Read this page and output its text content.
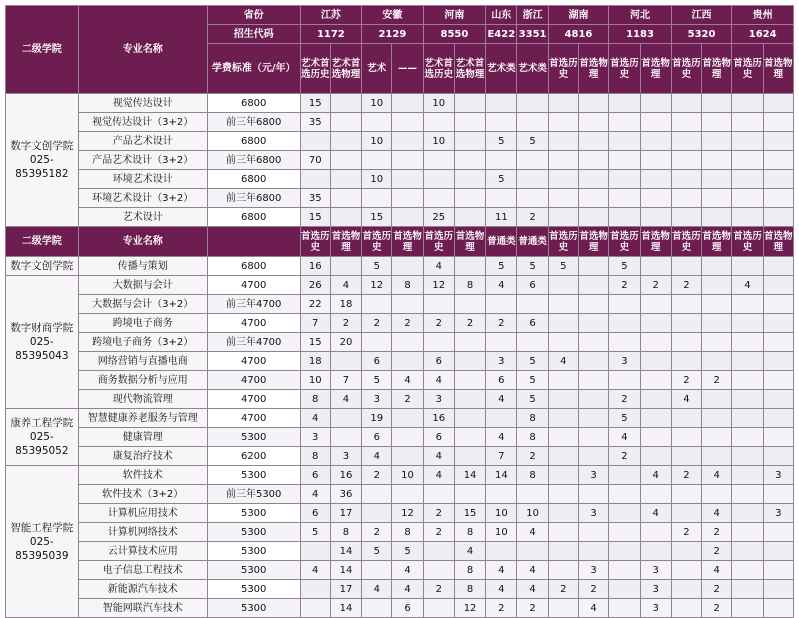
二级学院	专业名称	省份	江苏		安徽		河南		山东	浙江	湖南		河北		江西		贵州	
		招生代码	1172		2129		8550		E422	3351	4816		1183		5320		1624	
		学费标准（元/年）	艺术首选历史	艺术首选物理	艺术	——	艺术首选历史	艺术首选物理	艺术类	艺术类	首选历史	首选物理	首选历史	首选物理	首选历史	首选物理	首选历史	首选物理

数字文创学院
025-85395182	视觉传达设计	6800	15		10		10											
	视觉传达设计（3+2）	前三年6800	35															
	产品艺术设计	6800			10		10		5	5								
	产品艺术设计（3+2）	前三年6800	70															
	环境艺术设计	6800			10				5									
	环境艺术设计（3+2）	前三年6800	35															
	艺术设计	6800	15		15		25		11	2								
二级学院	专业名称		首选历史	首选物理	首选历史	首选物理	首选历史	首选物理	普通类	普通类	首选历史	首选物理	首选历史	首选物理	首选历史	首选物理	首选历史	首选物理

数字文创学院	传播与策划	6800	16		5		4		5	5	5		5					

数字财商学院
025-85395043	大数据与会计	4700	26	4	12	8	12	8	4	6			2	2	2		4	
	大数据与会计（3+2）	前三年4700	22	18														
	跨境电子商务	4700	7	2	2	2	2	2	2	6								
	跨境电子商务（3+2）	前三年4700	15	20														
	网络营销与直播电商	4700	18		6		6		3	5	4		3					
	商务数据分析与应用	4700	10	7	5	4	4		6	5					2	2		
	现代物流管理	4700	8	4	3	2	3		4	5			2		4			

康养工程学院
025-85395052	智慧健康养老服务与管理	4700	4		19		16			8			5					
	健康管理	5300	3		6		6		4	8			4					
	康复治疗技术	6200	8	3	4		4		7	2			2					

智能工程学院
025-85395039	软件技术	5300	6	16	2	10	4	14	14	8		3		4	2	4		3
	软件技术（3+2）	前三年5300	4	36														
	计算机应用技术	5300	6	17		12	2	15	10	10		3		4		4		3
	计算机网络技术	5300	5	8	2	8	2	8	10	4					2	2		
	云计算技术应用	5300		14	5	5		4								2		
	电子信息工程技术	5300	4	14		4		8	4	4		3		3		4		
	新能源汽车技术	5300		17	4	4	2	8	4	4	2	2		3		2		
	智能网联汽车技术	5300		14		6		12	2	2		4		3		2		
